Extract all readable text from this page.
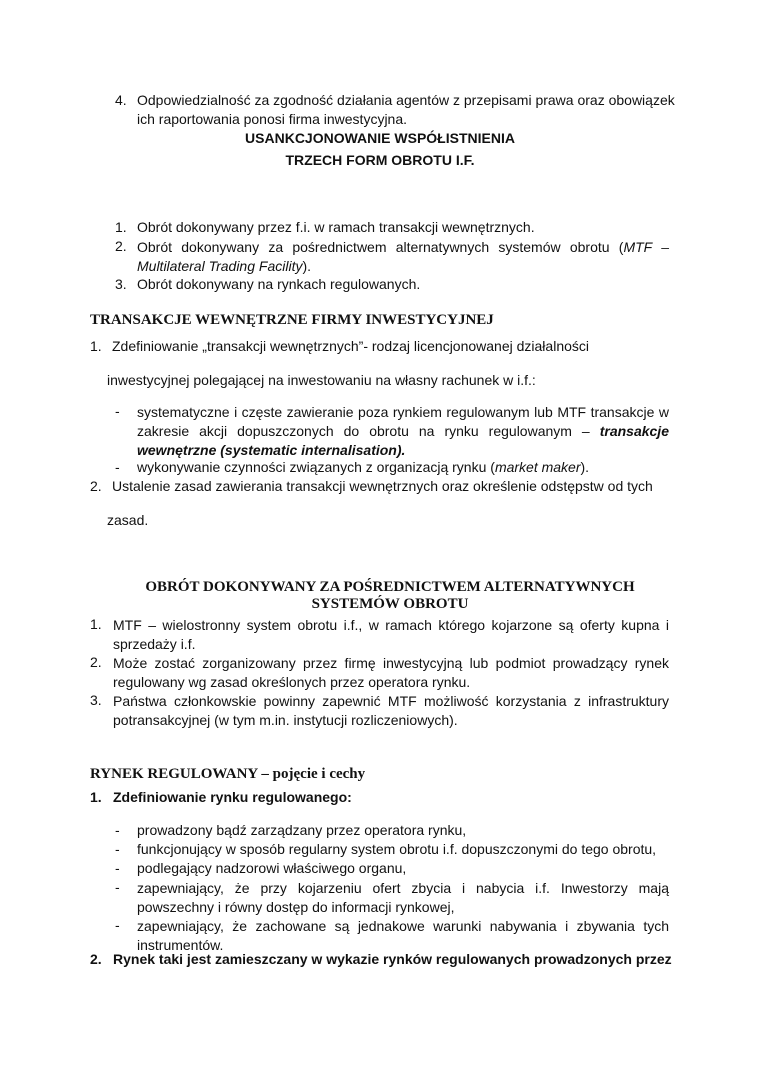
4. Odpowiedzialność za zgodność działania agentów z przepisami prawa oraz obowiązek

ich raportowania ponosi firma inwestycyjna.

USANKCJONOWANIE WSPÓŁISTNIENIA

TRZECH FORM OBROTU I.F.

1. Obrót dokonywany przez f.i. w ramach transakcji wewnętrznych.

2. Obrót dokonywany za pośrednictwem alternatywnych systemów obrotu (MTF – Multilateral Trading Facility).

3. Obrót dokonywany na rynkach regulowanych.

TRANSAKCJE WEWNĘTRZNE FIRMY INWESTYCYJNEJ

1. Zdefiniowanie „transakcji wewnętrznych”- rodzaj licencjonowanej działalności

inwestycyjnej polegającej na inwestowaniu na własny rachunek w i.f.:

- systematyczne i częste zawieranie poza rynkiem regulowanym lub MTF transakcje w zakresie akcji dopuszczonych do obrotu na rynku regulowanym – transakcje wewnętrzne (systematic internalisation).

- wykonywanie czynności związanych z organizacją rynku (market maker).

2. Ustalenie zasad zawierania transakcji wewnętrznych oraz określenie odstępstw od tych

zasad.

OBRÓT DOKONYWANY ZA POŚREDNICTWEM ALTERNATYWNYCH

SYSTEMÓW OBROTU

1. MTF – wielostronny system obrotu i.f., w ramach którego kojarzone są oferty kupna i sprzedaży i.f.

2. Może zostać zorganizowany przez firmę inwestycyjną lub podmiot prowadzący rynek regulowany wg zasad określonych przez operatora rynku.

3. Państwa członkowskie powinny zapewnić MTF możliwość korzystania z infrastruktury potransakcyjnej (w tym m.in. instytucji rozliczeniowych).

RYNEK REGULOWANY – pojęcie i cechy

1. Zdefiniowanie rynku regulowanego:

- prowadzony bądź zarządzany przez operatora rynku,

- funkcjonujący w sposób regularny system obrotu i.f. dopuszczonymi do tego obrotu,

- podlegający nadzorowi właściwego organu,

- zapewniający, że przy kojarzeniu ofert zbycia i nabycia i.f. Inwestorzy mają powszechny i równy dostęp do informacji rynkowej,

- zapewniający, że zachowane są jednakowe warunki nabywania i zbywania tych instrumentów.

2. Rynek taki jest zamieszczany w wykazie rynków regulowanych prowadzonych przez
